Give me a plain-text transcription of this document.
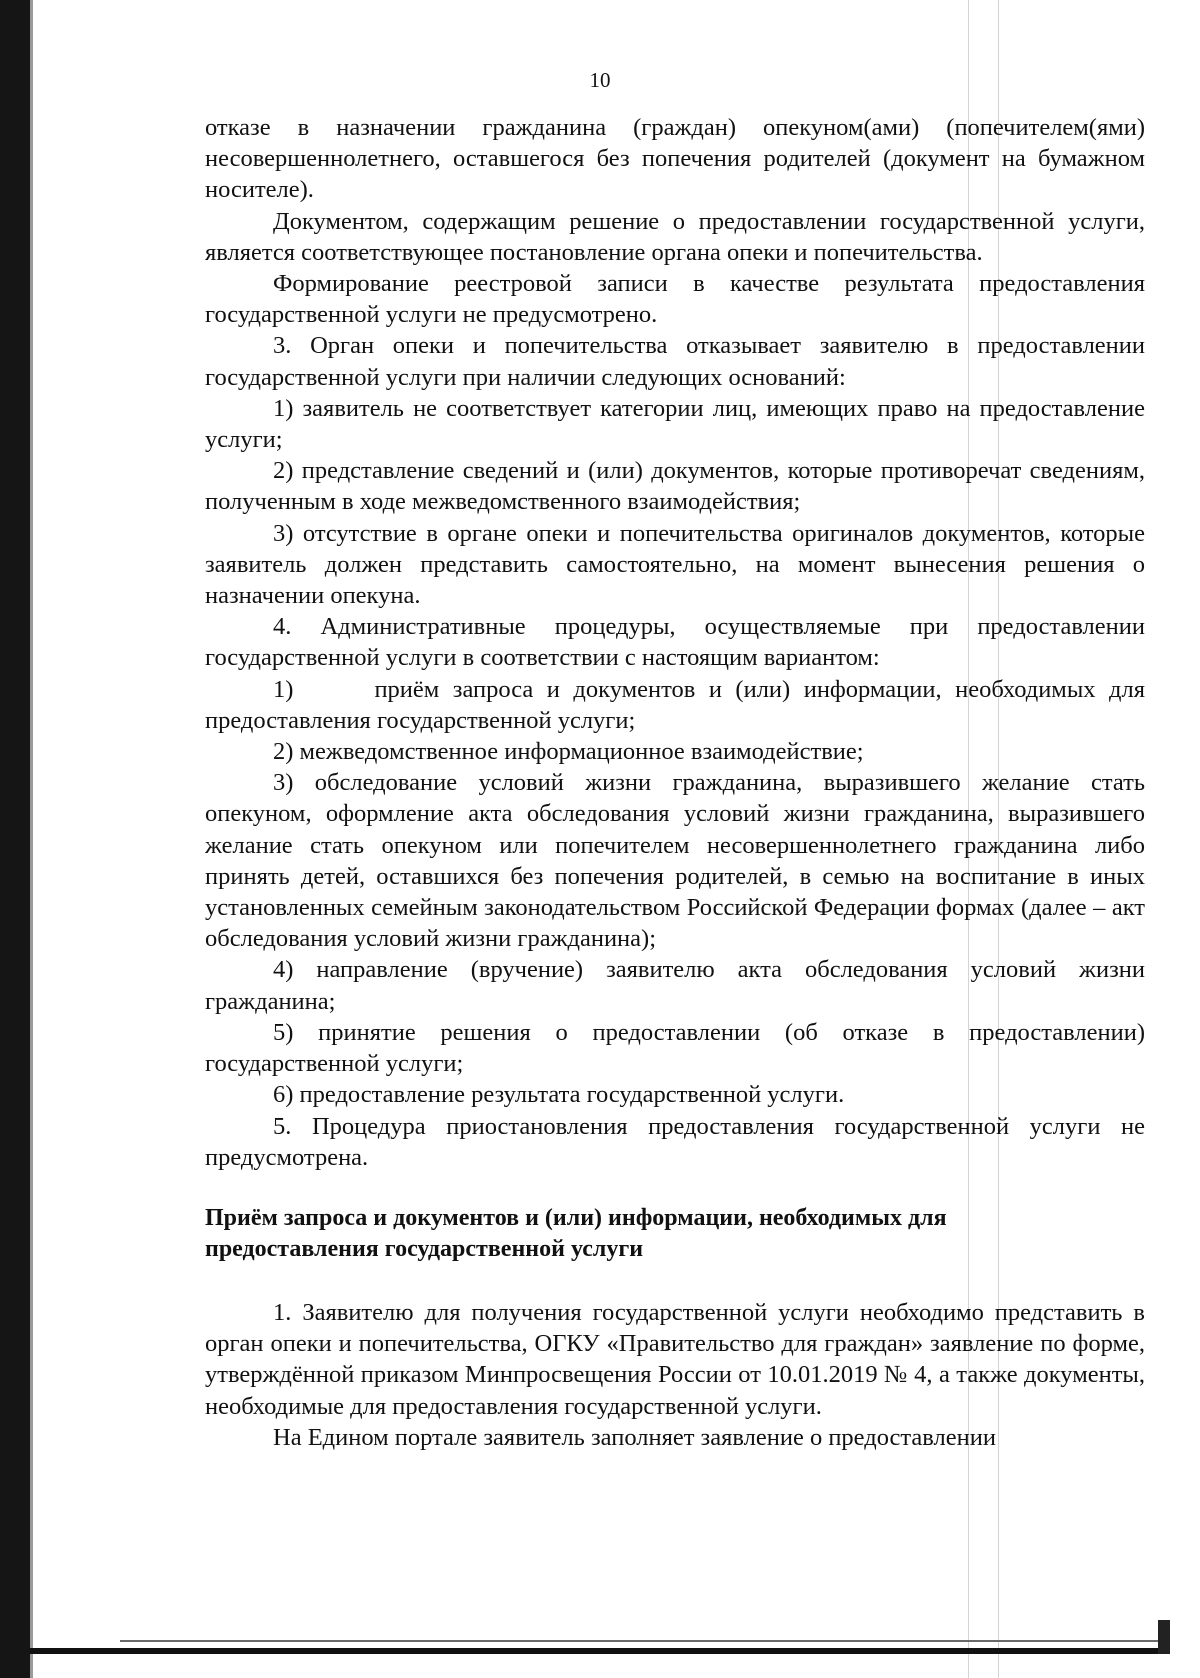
10

отказе в назначении гражданина (граждан) опекуном(ами) (попечителем(ями) несовершеннолетнего, оставшегося без попечения родителей (документ на бумажном носителе).

Документом, содержащим решение о предоставлении государственной услуги, является соответствующее постановление органа опеки и попечительства.

Формирование реестровой записи в качестве результата предоставления государственной услуги не предусмотрено.

3. Орган опеки и попечительства отказывает заявителю в предоставлении государственной услуги при наличии следующих оснований:

1) заявитель не соответствует категории лиц, имеющих право на предоставление услуги;

2) представление сведений и (или) документов, которые противоречат сведениям, полученным в ходе межведомственного взаимодействия;

3) отсутствие в органе опеки и попечительства оригиналов документов, которые заявитель должен представить самостоятельно, на момент вынесения решения о назначении опекуна.

4. Административные процедуры, осуществляемые при предоставлении государственной услуги в соответствии с настоящим вариантом:

1)      приём запроса и документов и (или) информации, необходимых для предоставления государственной услуги;

2) межведомственное информационное взаимодействие;

3) обследование условий жизни гражданина, выразившего желание стать опекуном, оформление акта обследования условий жизни гражданина, выразившего желание стать опекуном или попечителем несовершеннолетнего гражданина либо принять детей, оставшихся без попечения родителей, в семью на воспитание в иных установленных семейным законодательством Российской Федерации формах (далее – акт обследования условий жизни гражданина);

4) направление (вручение) заявителю акта обследования условий жизни гражданина;

5) принятие решения о предоставлении (об отказе в предоставлении) государственной услуги;

6) предоставление результата государственной услуги.

5. Процедура приостановления предоставления государственной услуги не предусмотрена.

Приём запроса и документов и (или) информации, необходимых для

предоставления государственной услуги

1. Заявителю для получения государственной услуги необходимо представить в орган опеки и попечительства, ОГКУ «Правительство для граждан» заявление по форме, утверждённой приказом Минпросвещения России от 10.01.2019 № 4, а также документы, необходимые для предоставления государственной услуги.

На Едином портале заявитель заполняет заявление о предоставлении
